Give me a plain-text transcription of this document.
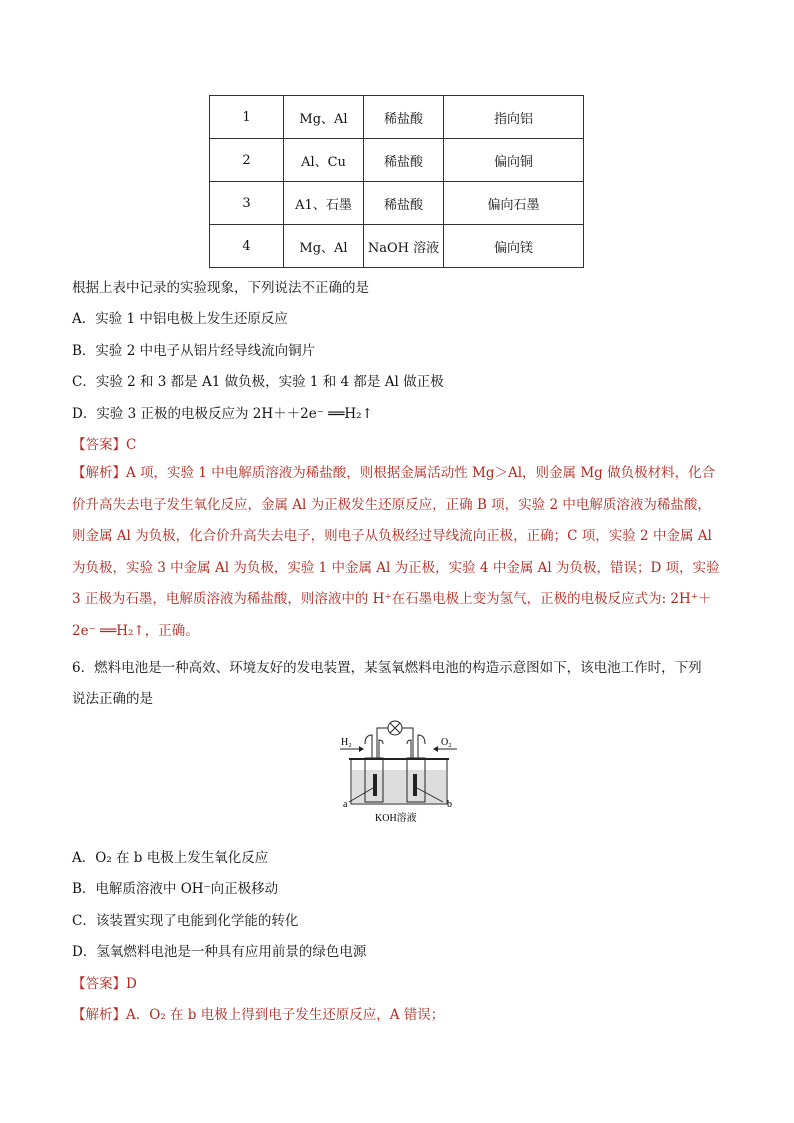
1	Mg、Al	稀盐酸	指向铝
2	Al、Cu	稀盐酸	偏向铜
3	A1、石墨	稀盐酸	偏向石墨
4	Mg、Al	NaOH 溶液	偏向镁
根据上表中记录的实验现象，下列说法不正确的是
A．实验 1 中铝电极上发生还原反应
B．实验 2 中电子从铝片经导线流向铜片
C．实验 2 和 3 都是 A1 做负极，实验 1 和 4 都是 Al 做正极
D．实验 3 正极的电极反应为 2H＋＋2e⁻ ══H₂↑
【答案】C
【解析】A 项，实验 1 中电解质溶液为稀盐酸，则根据金属活动性 Mg＞Al，则金属 Mg 做负极材料，化合
价升高失去电子发生氧化反应，金属 Al 为正极发生还原反应，正确 B 项，实验 2 中电解质溶液为稀盐酸，
则金属 Al 为负极，化合价升高失去电子，则电子从负极经过导线流向正极，正确；C 项，实验 2 中金属 Al
为负极，实验 3 中金属 Al 为负极，实验 1 中金属 Al 为正极，实验 4 中金属 Al 为负极，错误；D 项，实验
3 正极为石墨，电解质溶液为稀盐酸，则溶液中的 H⁺在石墨电极上变为氢气，正极的电极反应式为: 2H⁺＋
2e⁻ ══H₂↑，正确。
6．燃料电池是一种高效、环境友好的发电装置，某氢氧燃料电池的构造示意图如下，该电池工作时，下列
说法正确的是
H₂	O₂
a	b
KOH溶液
A．O₂ 在 b 电极上发生氧化反应
B．电解质溶液中 OH⁻向正极移动
C．该装置实现了电能到化学能的转化
D．氢氧燃料电池是一种具有应用前景的绿色电源
【答案】D
【解析】A．O₂ 在 b 电极上得到电子发生还原反应，A 错误；
